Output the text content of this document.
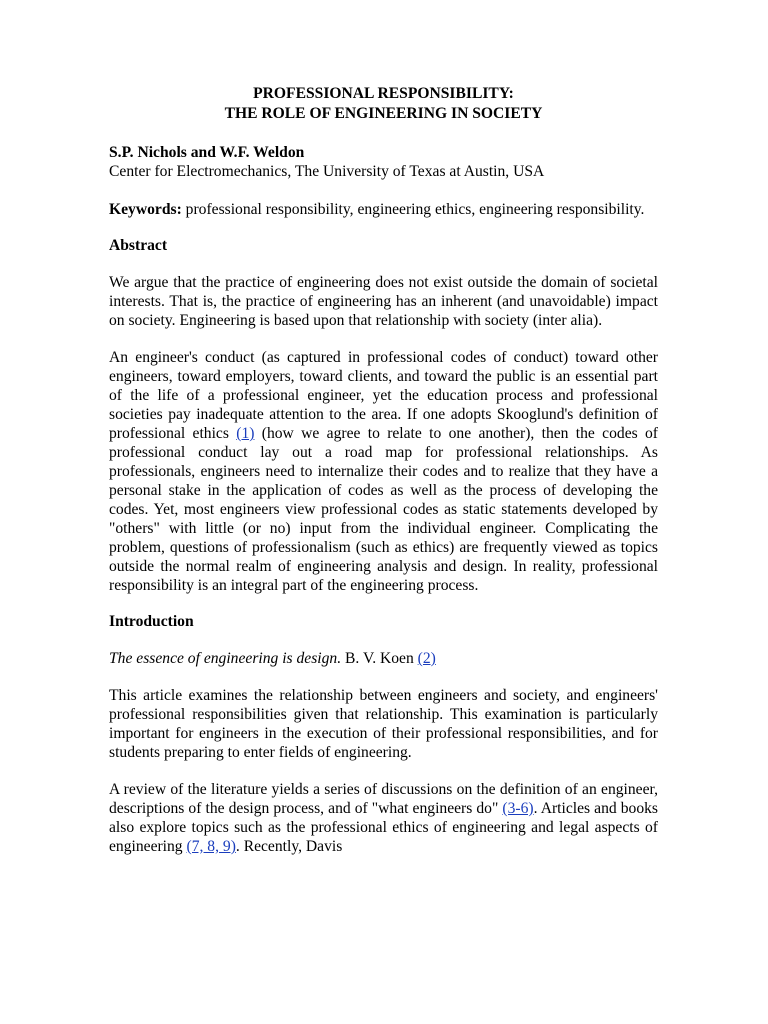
PROFESSIONAL RESPONSIBILITY:

THE ROLE OF ENGINEERING IN SOCIETY

S.P. Nichols and W.F. Weldon
Center for Electromechanics, The University of Texas at Austin, USA
Keywords: professional responsibility, engineering ethics, engineering responsibility.
Abstract
We argue that the practice of engineering does not exist outside the domain of societal interests. That is, the practice of engineering has an inherent (and unavoidable) impact on society. Engineering is based upon that relationship with society (inter alia).
An engineer's conduct (as captured in professional codes of conduct) toward other engineers, toward employers, toward clients, and toward the public is an essential part of the life of a professional engineer, yet the education process and professional societies pay inadequate attention to the area. If one adopts Skooglund's definition of professional ethics (1) (how we agree to relate to one another), then the codes of professional conduct lay out a road map for professional relationships. As professionals, engineers need to internalize their codes and to realize that they have a personal stake in the application of codes as well as the process of developing the codes. Yet, most engineers view professional codes as static statements developed by "others" with little (or no) input from the individual engineer. Complicating the problem, questions of professionalism (such as ethics) are frequently viewed as topics outside the normal realm of engineering analysis and design. In reality, professional responsibility is an integral part of the engineering process.
Introduction
The essence of engineering is design. B. V. Koen (2)
This article examines the relationship between engineers and society, and engineers' professional responsibilities given that relationship. This examination is particularly important for engineers in the execution of their professional responsibilities, and for students preparing to enter fields of engineering.
A review of the literature yields a series of discussions on the definition of an engineer, descriptions of the design process, and of "what engineers do" (3-6). Articles and books also explore topics such as the professional ethics of engineering and legal aspects of engineering (7, 8, 9). Recently, Davis
